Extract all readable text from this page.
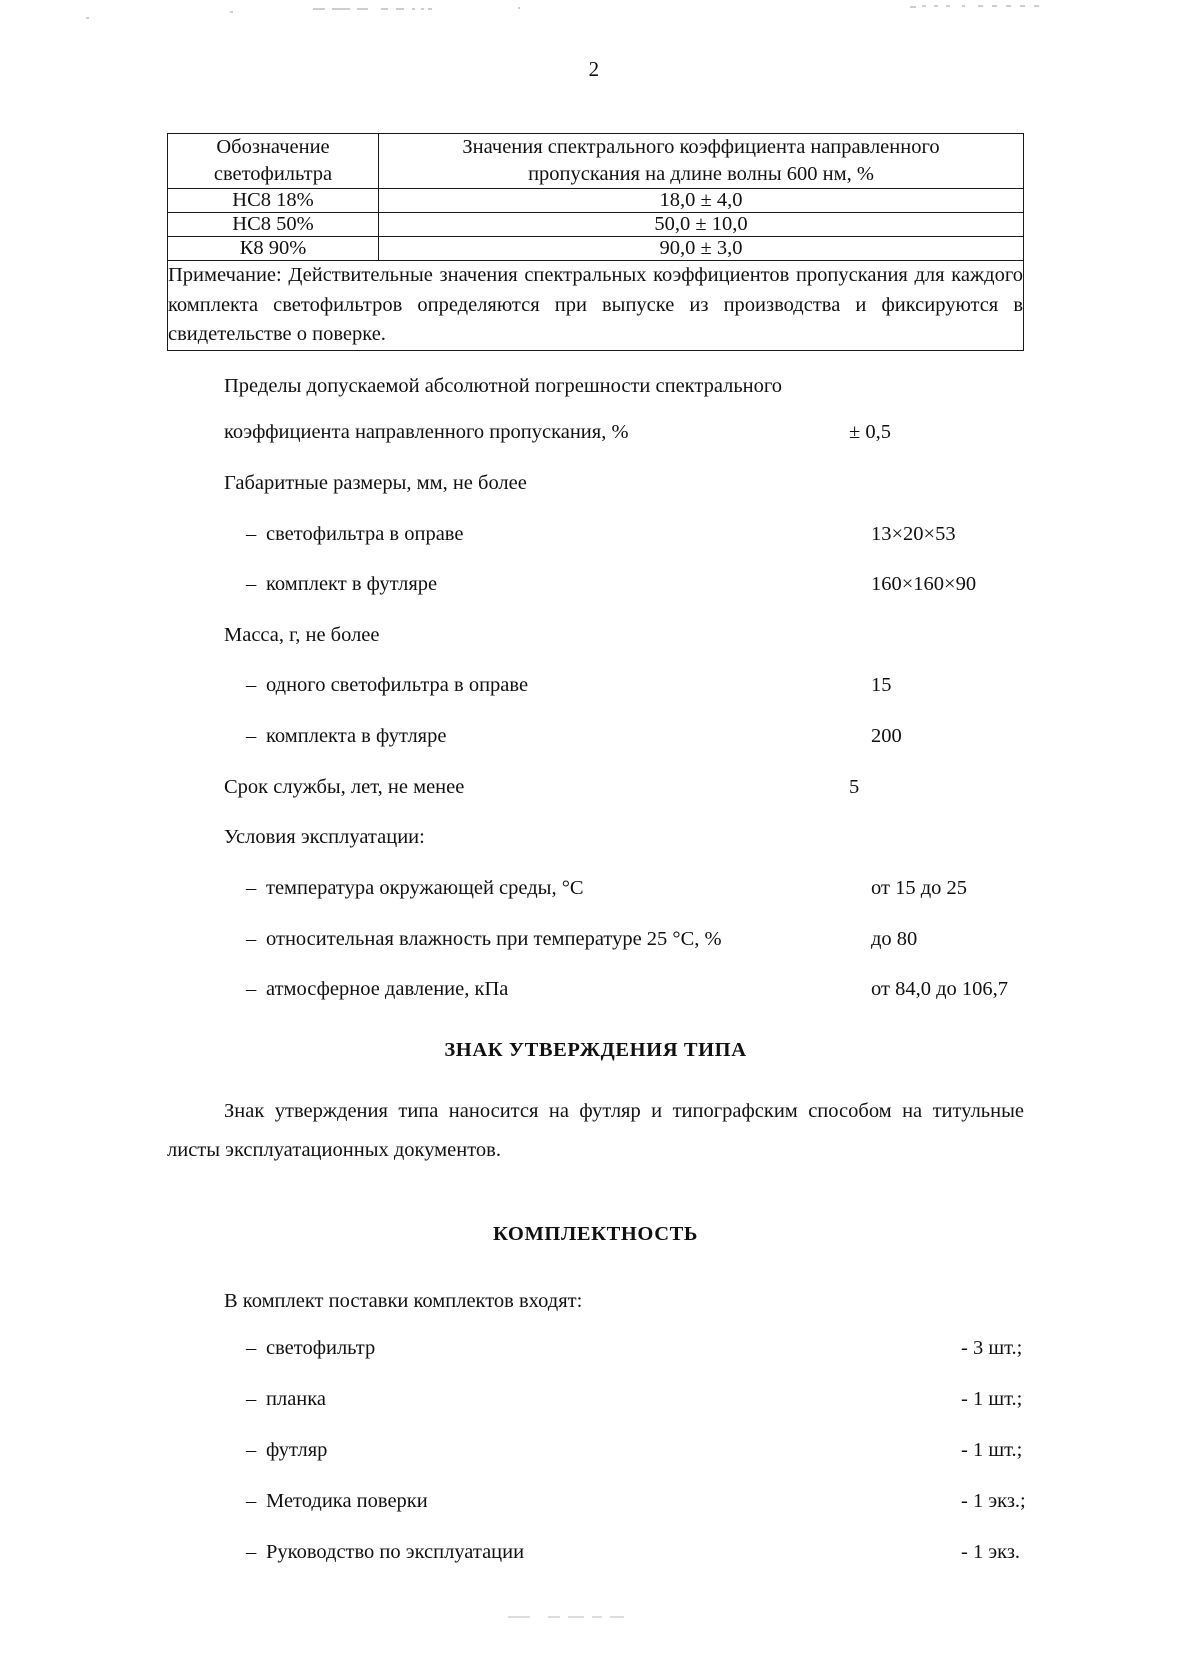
2
Обозначение
светофильтра	Значения спектрального коэффициента направленного
пропускания на длине волны 600 нм, %
НС8 18%	18,0 ± 4,0
НС8 50%	50,0 ± 10,0
К8 90%	90,0 ± 3,0
Примечание: Действительные значения спектральных коэффициентов пропускания для каждого комплекта светофильтров определяются при выпуске из производства и фиксируются в свидетельстве о поверке.	
Пределы допускаемой абсолютной погрешности спектрального
коэффициента направленного пропускания, %	± 0,5
Габаритные размеры, мм, не более
– светофильтра в оправе	13×20×53
– комплект в футляре	160×160×90
Масса, г, не более
– одного светофильтра в оправе	15
– комплекта в футляре	200
Срок службы, лет, не менее	5
Условия эксплуатации:
– температура окружающей среды, °С	от 15 до 25
– относительная влажность при температуре 25 °С, %	до 80
– атмосферное давление, кПа	от 84,0 до 106,7
ЗНАК УТВЕРЖДЕНИЯ ТИПА

Знак утверждения типа наносится на футляр и типографским способом на титульные листы эксплуатационных документов.

КОМПЛЕКТНОСТЬ
В комплект поставки комплектов входят:
– светофильтр	- 3 шт.;
– планка	- 1 шт.;
– футляр	- 1 шт.;
– Методика поверки	- 1 экз.;
– Руководство по эксплуатации	- 1 экз.
